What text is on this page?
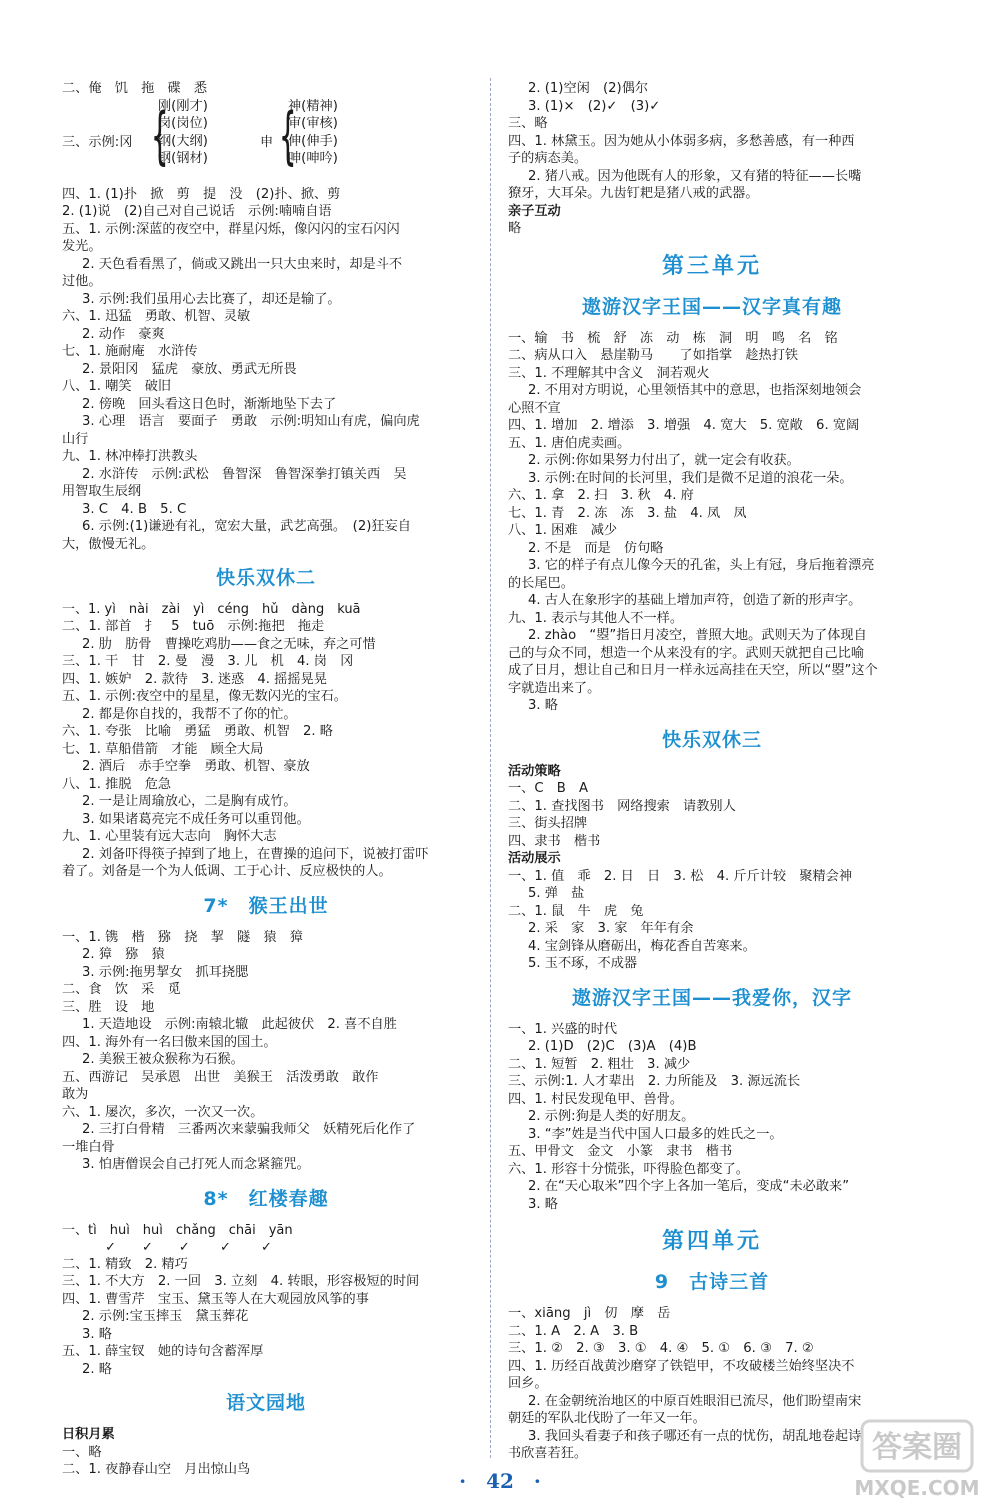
二、俺　饥　拖　碟　悉

三、示例:冈 {
刚(刚才)
岗(岗位)
纲(大纲)
钢(钢材)
申 {
神(精神)
审(审核)
伸(伸手)
呻(呻吟)

四、1. (1)扑　掀　剪　提　没　(2)扑、掀、剪

2. (1)说　(2)自己对自己说话　示例:喃喃自语

五、1. 示例:深蓝的夜空中，群星闪烁，像闪闪的宝石闪闪

发光。

2. 天色看看黑了，倘或又跳出一只大虫来时，却是斗不

过他。

3. 示例:我们虽用心去比赛了，却还是输了。

六、1. 迅猛　勇敢、机智、灵敏

2. 动作　豪爽

七、1. 施耐庵　水浒传

2. 景阳冈　猛虎　豪放、勇武无所畏

八、1. 嘲笑　破旧

2. 傍晚　回头看这日色时，渐渐地坠下去了

3. 心理　语言　要面子　勇敢　示例:明知山有虎，偏向虎

山行

九、1. 林冲棒打洪教头

2. 水浒传　示例:武松　鲁智深　鲁智深拳打镇关西　吴

用智取生辰纲

3. C　4. B　5. C

6. 示例:(1)谦逊有礼，宽宏大量，武艺高强。　(2)狂妄自

大，傲慢无礼。

快乐双休二
一、1. yì　nài　zài　yì　céng　hǔ　dàng　kuā

二、1. 部首　扌　5　tuō　示例:拖把　拖走

2. 肋　肪骨　曹操吃鸡肋——食之无味，弃之可惜

三、1. 干　甘　2. 曼　漫　3. 儿　机　4. 岗　冈

四、1. 嫉妒　2. 款待　3. 迷惑　4. 摇摇晃晃

五、1. 示例:夜空中的星星，像无数闪光的宝石。

2. 都是你自找的，我帮不了你的忙。

六、1. 夸张　比喻　勇猛　勇敢、机智　2. 略

七、1. 草船借箭　才能　顾全大局

2. 酒后　赤手空拳　勇敢、机智、豪放

八、1. 推脱　危急

2. 一是让周瑜放心，二是胸有成竹。

3. 如果诸葛亮完不成任务可以重罚他。

九、1. 心里装有远大志向　胸怀大志

2. 刘备吓得筷子掉到了地上，在曹操的追问下，说被打雷吓

着了。刘备是一个为人低调、工于心计、反应极快的人。

7*　猴王出世

一、1. 镌　楷　猕　挠　挈　隧　猿　獐

2. 獐　猕　猿

3. 示例:拖男挈女　抓耳挠腮

二、食　饮　采　觅

三、胜　设　地

1. 天造地设　示例:南辕北辙　此起彼伏　2. 喜不自胜

四、1. 海外有一名曰傲来国的国土。

2. 美猴王被众猴称为石猴。

五、西游记　吴承恩　出世　美猴王　活泼勇敢　敢作

敢为

六、1. 屡次，多次，一次又一次。

2. 三打白骨精　三番两次来蒙骗我师父　妖精死后化作了

一堆白骨

3. 怕唐僧误会自己打死人而念紧箍咒。

8*　红楼春趣
一、tì　huì　huì　chǎng　chāi　yān
　　　 ✓　　✓　　✓　　 ✓　　 ✓

二、1. 精致　2. 精巧

三、1. 不大方　2. 一回　3. 立刻　4. 转眼，形容极短的时间

四、1. 曹雪芹　宝玉、黛玉等人在大观园放风筝的事

2. 示例:宝玉摔玉　黛玉葬花

3. 略

五、1. 薛宝钗　她的诗句含蓄浑厚

2. 略

语文园地

日积月累

一、略

二、1. 夜静春山空　月出惊山鸟

2. (1)空闲　(2)偶尔

3. (1)×　(2)✓　(3)✓

三、略

四、1. 林黛玉。因为她从小体弱多病，多愁善感，有一种西

子的病态美。

2. 猪八戒。因为他既有人的形象，又有猪的特征——长嘴

獠牙，大耳朵。九齿钉耙是猪八戒的武器。

亲子互动

略

第三单元
遨游汉字王国——汉字真有趣

一、输　书　梳　舒　冻　动　栋　洞　明　鸣　名　铭

二、病从口入　悬崖勒马　　了如指掌　趁热打铁

三、1. 不理解其中含义　洞若观火

2. 不用对方明说，心里领悟其中的意思，也指深刻地领会

心照不宣

四、1. 增加　2. 增添　3. 增强　4. 宽大　5. 宽敞　6. 宽阔

五、1. 唐伯虎卖画。

2. 示例:你如果努力付出了，就一定会有收获。

3. 示例:在时间的长河里，我们是微不足道的浪花一朵。

六、1. 拿　2. 扫　3. 秋　4. 府

七、1. 青　2. 冻　冻　3. 盐　4. 凤　凤

八、1. 困难　减少

2. 不是　而是　仿句略

3. 它的样子有点儿像今天的孔雀，头上有冠，身后拖着漂亮

的长尾巴。

4. 古人在象形字的基础上增加声符，创造了新的形声字。

九、1. 表示与其他人不一样。

2. zhào　“曌”指日月凌空，普照大地。武则天为了体现自

己的与众不同，想造一个从来没有的字。武则天就把自己比喻

成了日月，想让自己和日月一样永远高挂在天空，所以“曌”这个

字就造出来了。

3. 略

快乐双休三

活动策略

一、C　B　A

二、1. 查找图书　网络搜索　请教别人

三、街头招牌

四、隶书　楷书

活动展示

一、1. 值　乖　2. 日　日　3. 松　4. 斤斤计较　聚精会神

5. 弹　盐

二、1. 鼠　牛　虎　兔

2. 采　家　3. 家　年年有余

4. 宝剑锋从磨砺出，梅花香自苦寒来。

5. 玉不琢，不成器

遨游汉字王国——我爱你，汉字

一、1. 兴盛的时代

2. (1)D　(2)C　(3)A　(4)B

二、1. 短暂　2. 粗壮　3. 减少

三、示例:1. 人才辈出　2. 力所能及　3. 源远流长

四、1. 村民发现龟甲、兽骨。

2. 示例:狗是人类的好朋友。

3. “李”姓是当代中国人口最多的姓氏之一。

五、甲骨文　金文　小篆　隶书　楷书

六、1. 形容十分慌张，吓得脸色都变了。

2. 在“天心取米”四个字上各加一笔后，变成“未必敢来”

3. 略

第四单元
9　古诗三首

一、xiāng　jì　仞　摩　岳

二、1. A　2. A　3. B

三、1. ②　2. ③　3. ①　4. ④　5. ①　6. ③　7. ②

四、1. 历经百战黄沙磨穿了铁铠甲，不攻破楼兰始终坚决不

回乡。

2. 在金朝统治地区的中原百姓眼泪已流尽，他们盼望南宋

朝廷的军队北伐盼了一年又一年。

3. 我回头看妻子和孩子哪还有一点的忧伤，胡乱地卷起诗

书欣喜若狂。

·　42　·
答案圈
MXQE.COM
